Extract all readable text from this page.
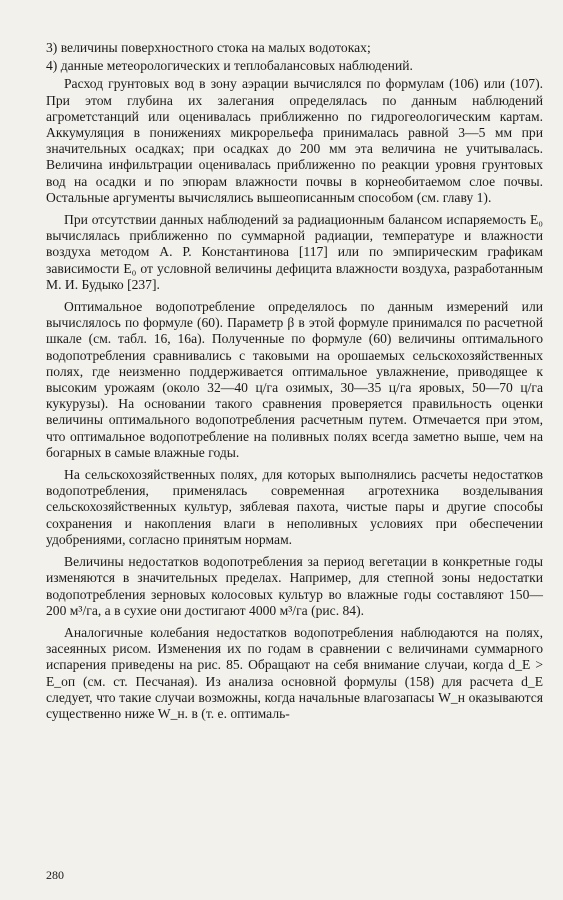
3) величины поверхностного стока на малых водотоках;

4) данные метеорологических и теплобалансовых наблюдений.

Расход грунтовых вод в зону аэрации вычислялся по формулам (106) или (107). При этом глубина их залегания определялась по данным наблюдений агрометстанций или оценивалась приближенно по гидрогеологическим картам. Аккумуляция в понижениях микрорельефа принималась равной 3—5 мм при значительных осадках; при осадках до 200 мм эта величина не учитывалась. Величина инфильтрации оценивалась приближенно по реакции уровня грунтовых вод на осадки и по эпюрам влажности почвы в корнеобитаемом слое почвы. Остальные аргументы вычислялись вышеописанным способом (см. главу 1).

При отсутствии данных наблюдений за радиационным балансом испаряемость E₀ вычислялась приближенно по суммарной радиации, температуре и влажности воздуха методом А. Р. Константинова [117] или по эмпирическим графикам зависимости E₀ от условной величины дефицита влажности воздуха, разработанным М. И. Будыко [237].

Оптимальное водопотребление определялось по данным измерений или вычислялось по формуле (60). Параметр β в этой формуле принимался по расчетной шкале (см. табл. 16, 16а). Полученные по формуле (60) величины оптимального водопотребления сравнивались с таковыми на орошаемых сельскохозяйственных полях, где неизменно поддерживается оптимальное увлажнение, приводящее к высоким урожаям (около 32—40 ц/га озимых, 30—35 ц/га яровых, 50—70 ц/га кукурузы). На основании такого сравнения проверяется правильность оценки величины оптимального водопотребления расчетным путем. Отмечается при этом, что оптимальное водопотребление на поливных полях всегда заметно выше, чем на богарных в самые влажные годы.

На сельскохозяйственных полях, для которых выполнялись расчеты недостатков водопотребления, применялась современная агротехника возделывания сельскохозяйственных культур, зяблевая пахота, чистые пары и другие способы сохранения и накопления влаги в неполивных условиях при обеспечении удобрениями, согласно принятым нормам.

Величины недостатков водопотребления за период вегетации в конкретные годы изменяются в значительных пределах. Например, для степной зоны недостатки водопотребления зерновых колосовых культур во влажные годы составляют 150—200 м³/га, а в сухие они достигают 4000 м³/га (рис. 84).

Аналогичные колебания недостатков водопотребления наблюдаются на полях, засеянных рисом. Изменения их по годам в сравнении с величинами суммарного испарения приведены на рис. 85. Обращают на себя внимание случаи, когда d_E > E_оп (см. ст. Песчаная). Из анализа основной формулы (158) для расчета d_E следует, что такие случаи возможны, когда начальные влагозапасы W_н оказываются существенно ниже W_н. в (т. е. оптималь-

280
